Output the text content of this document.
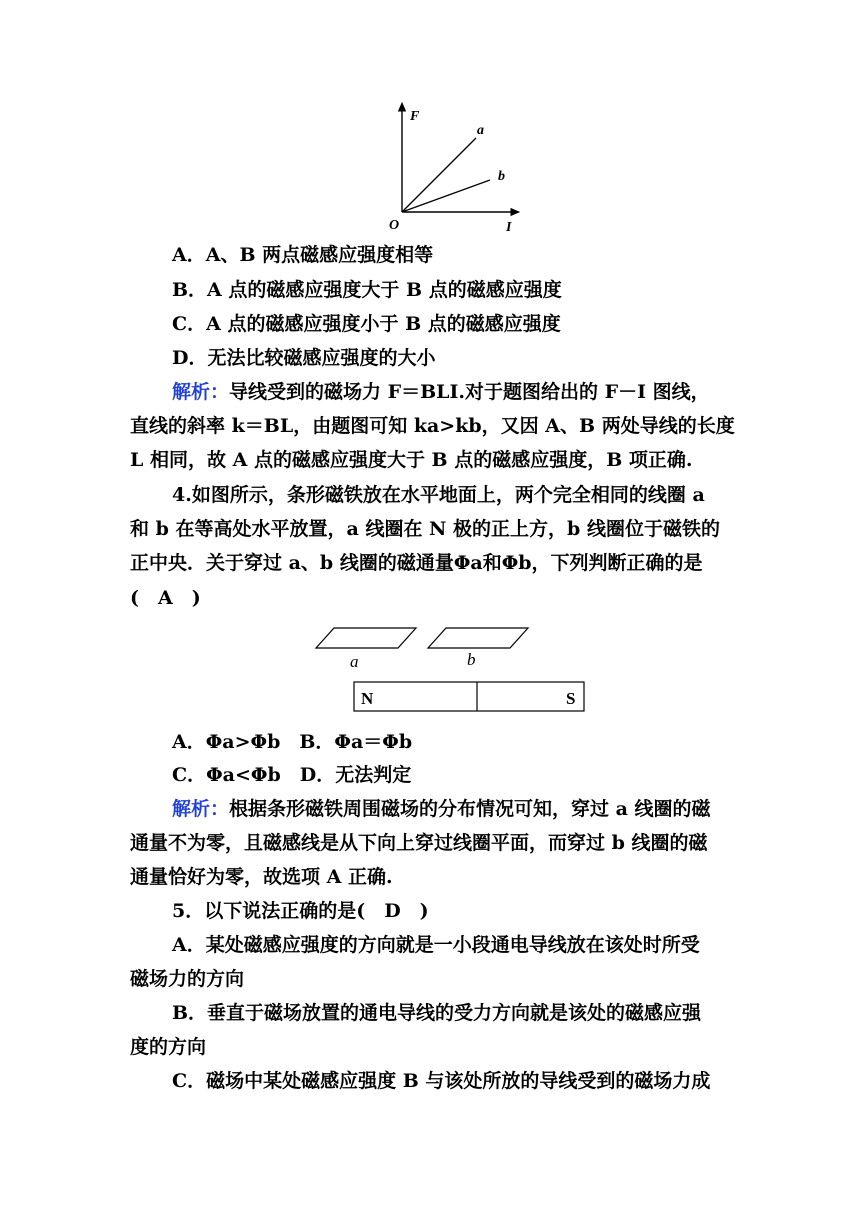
F
I
O
a
b
A．A、B 两点磁感应强度相等
B．A 点的磁感应强度大于 B 点的磁感应强度
C．A 点的磁感应强度小于 B 点的磁感应强度
D．无法比较磁感应强度的大小
解析：导线受到的磁场力 F＝BLI.对于题图给出的 F－I 图线，
直线的斜率 k＝BL，由题图可知 ka>kb，又因 A、B 两处导线的长度
L 相同，故 A 点的磁感应强度大于 B 点的磁感应强度，B 项正确.
4.如图所示，条形磁铁放在水平地面上，两个完全相同的线圈 a
和 b 在等高处水平放置，a 线圈在 N 极的正上方，b 线圈位于磁铁的
正中央．关于穿过 a、b 线圈的磁通量Φa和Φb，下列判断正确的是
(　A　)
a	b
N	S
A．Φa>Φb　B．Φa＝Φb
C．Φa<Φb　D．无法判定
解析：根据条形磁铁周围磁场的分布情况可知，穿过 a 线圈的磁
通量不为零，且磁感线是从下向上穿过线圈平面，而穿过 b 线圈的磁
通量恰好为零，故选项 A 正确.
5．以下说法正确的是(　D　)
A．某处磁感应强度的方向就是一小段通电导线放在该处时所受
磁场力的方向
B．垂直于磁场放置的通电导线的受力方向就是该处的磁感应强
度的方向
C．磁场中某处磁感应强度 B 与该处所放的导线受到的磁场力成
